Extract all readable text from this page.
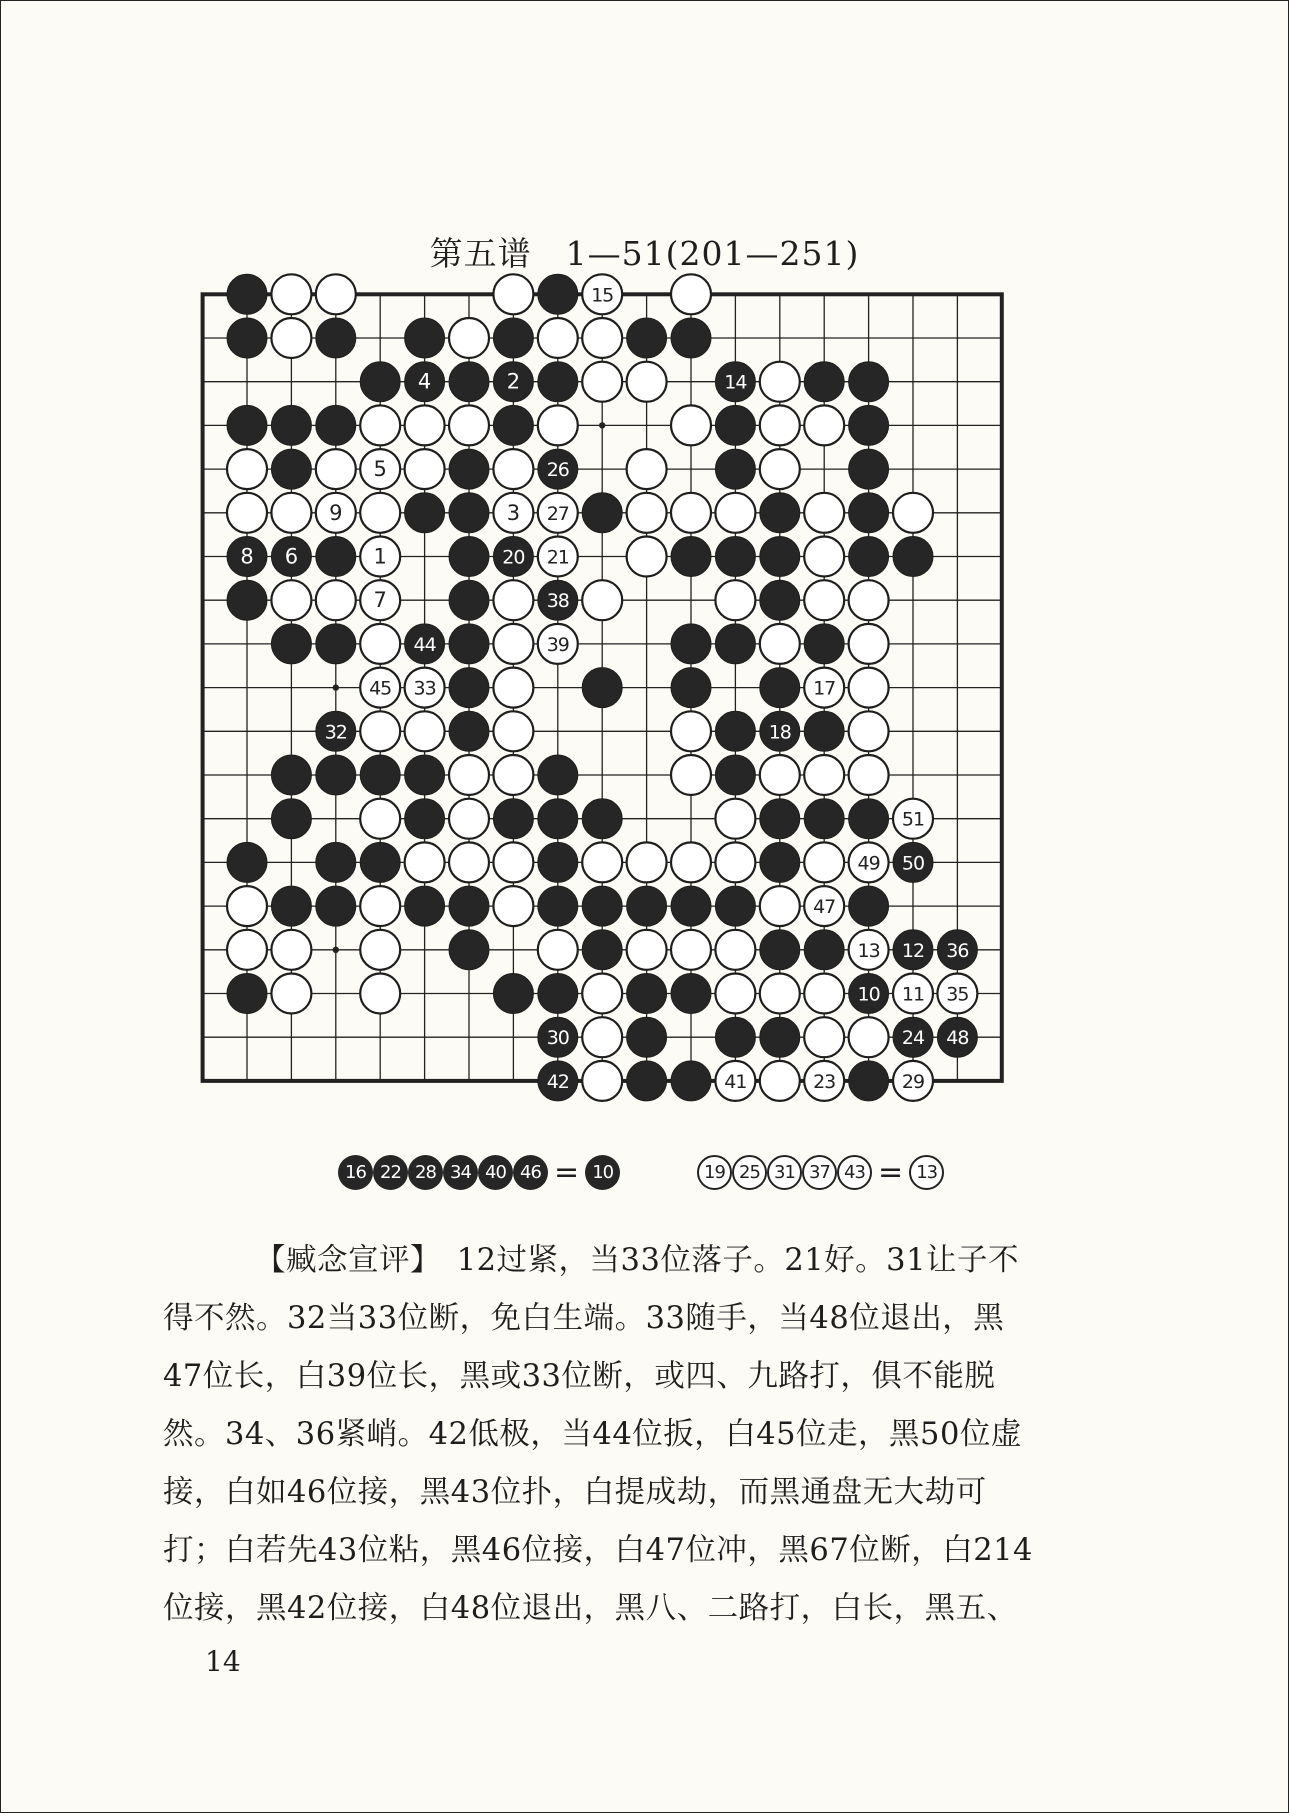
第五谱　1—51(201—251)
15
4	2	14
5	26
9	3 27
8 6	1	20 21
7	38
44	39
45 33	17
32	18
51
49 50
47
13 12 36
10 11 35
30	24 48
42	41	23	29
16 22 28 34 40 46 = 10	19 25 31 37 43 = 13
【臧念宣评】　12过紧，当33位落子。21好。31让子不
得不然。32当33位断，免白生端。33随手，当48位退出，黑
47位长，白39位长，黑或33位断，或四、九路打，俱不能脱
然。34、36紧峭。42低极，当44位扳，白45位走，黑50位虚
接，白如46位接，黑43位扑，白提成劫，而黑通盘无大劫可
打；白若先43位粘，黑46位接，白47位冲，黑67位断，白214
位接，黑42位接，白48位退出，黑八、二路打，白长，黑五、
14
